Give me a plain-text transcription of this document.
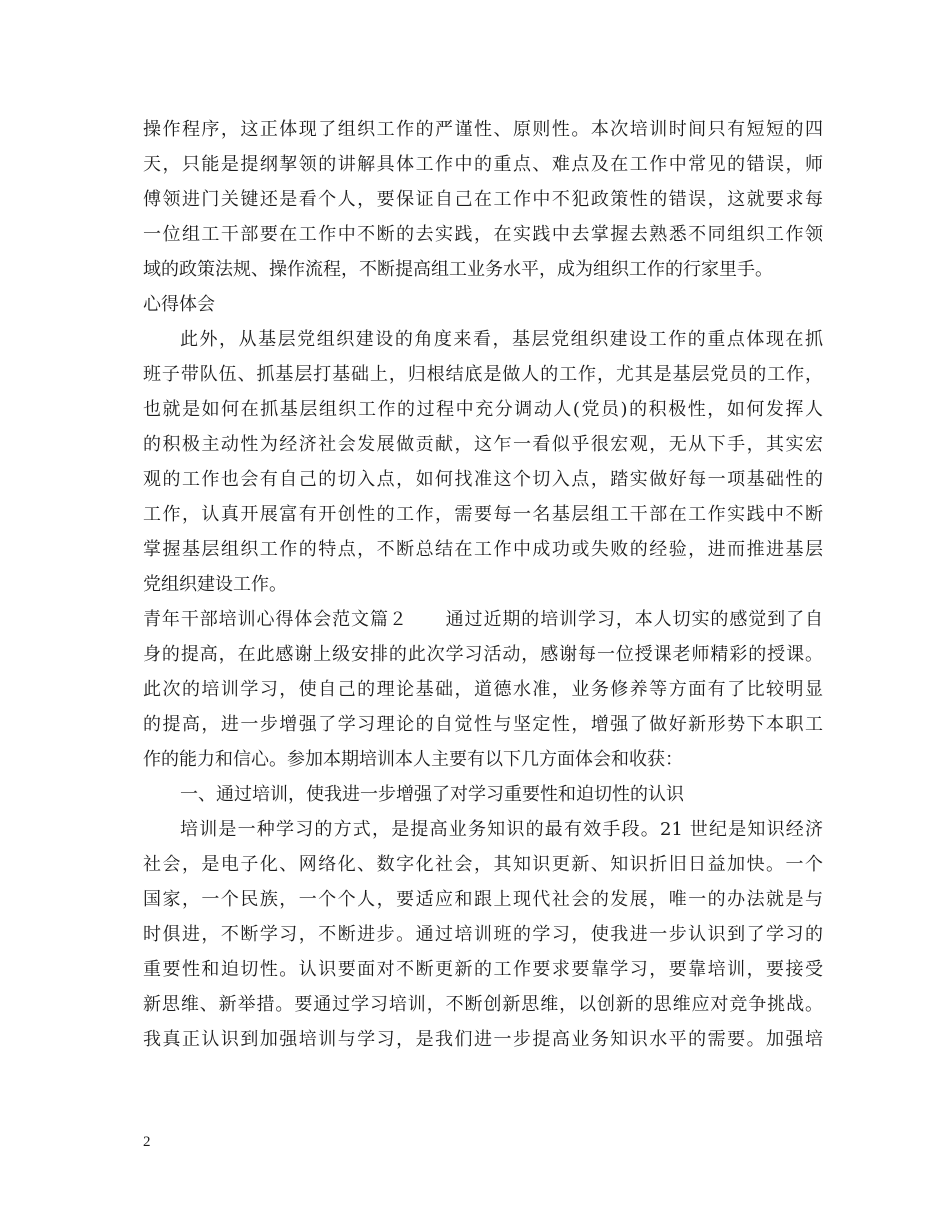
操作程序，这正体现了组织工作的严谨性、原则性。本次培训时间只有短短的四
天，只能是提纲挈领的讲解具体工作中的重点、难点及在工作中常见的错误，师
傅领进门关键还是看个人，要保证自己在工作中不犯政策性的错误，这就要求每
一位组工干部要在工作中不断的去实践，在实践中去掌握去熟悉不同组织工作领
域的政策法规、操作流程，不断提高组工业务水平，成为组织工作的行家里手。
心得体会
此外，从基层党组织建设的角度来看，基层党组织建设工作的重点体现在抓
班子带队伍、抓基层打基础上，归根结底是做人的工作，尤其是基层党员的工作，
也就是如何在抓基层组织工作的过程中充分调动人(党员)的积极性，如何发挥人
的积极主动性为经济社会发展做贡献，这乍一看似乎很宏观，无从下手，其实宏
观的工作也会有自己的切入点，如何找准这个切入点，踏实做好每一项基础性的
工作，认真开展富有开创性的工作，需要每一名基层组工干部在工作实践中不断
掌握基层组织工作的特点，不断总结在工作中成功或失败的经验，进而推进基层
党组织建设工作。
青年干部培训心得体会范文篇２　　通过近期的培训学习，本人切实的感觉到了自
身的提高，在此感谢上级安排的此次学习活动，感谢每一位授课老师精彩的授课。
此次的培训学习，使自己的理论基础，道德水准，业务修养等方面有了比较明显
的提高，进一步增强了学习理论的自觉性与坚定性，增强了做好新形势下本职工
作的能力和信心。参加本期培训本人主要有以下几方面体会和收获：
一、通过培训，使我进一步增强了对学习重要性和迫切性的认识
培训是一种学习的方式，是提高业务知识的最有效手段。21 世纪是知识经济
社会，是电子化、网络化、数字化社会，其知识更新、知识折旧日益加快。一个
国家，一个民族，一个个人，要适应和跟上现代社会的发展，唯一的办法就是与
时俱进，不断学习，不断进步。通过培训班的学习，使我进一步认识到了学习的
重要性和迫切性。认识要面对不断更新的工作要求要靠学习，要靠培训，要接受
新思维、新举措。要通过学习培训，不断创新思维，以创新的思维应对竞争挑战。
我真正认识到加强培训与学习，是我们进一步提高业务知识水平的需要。加强培
2
